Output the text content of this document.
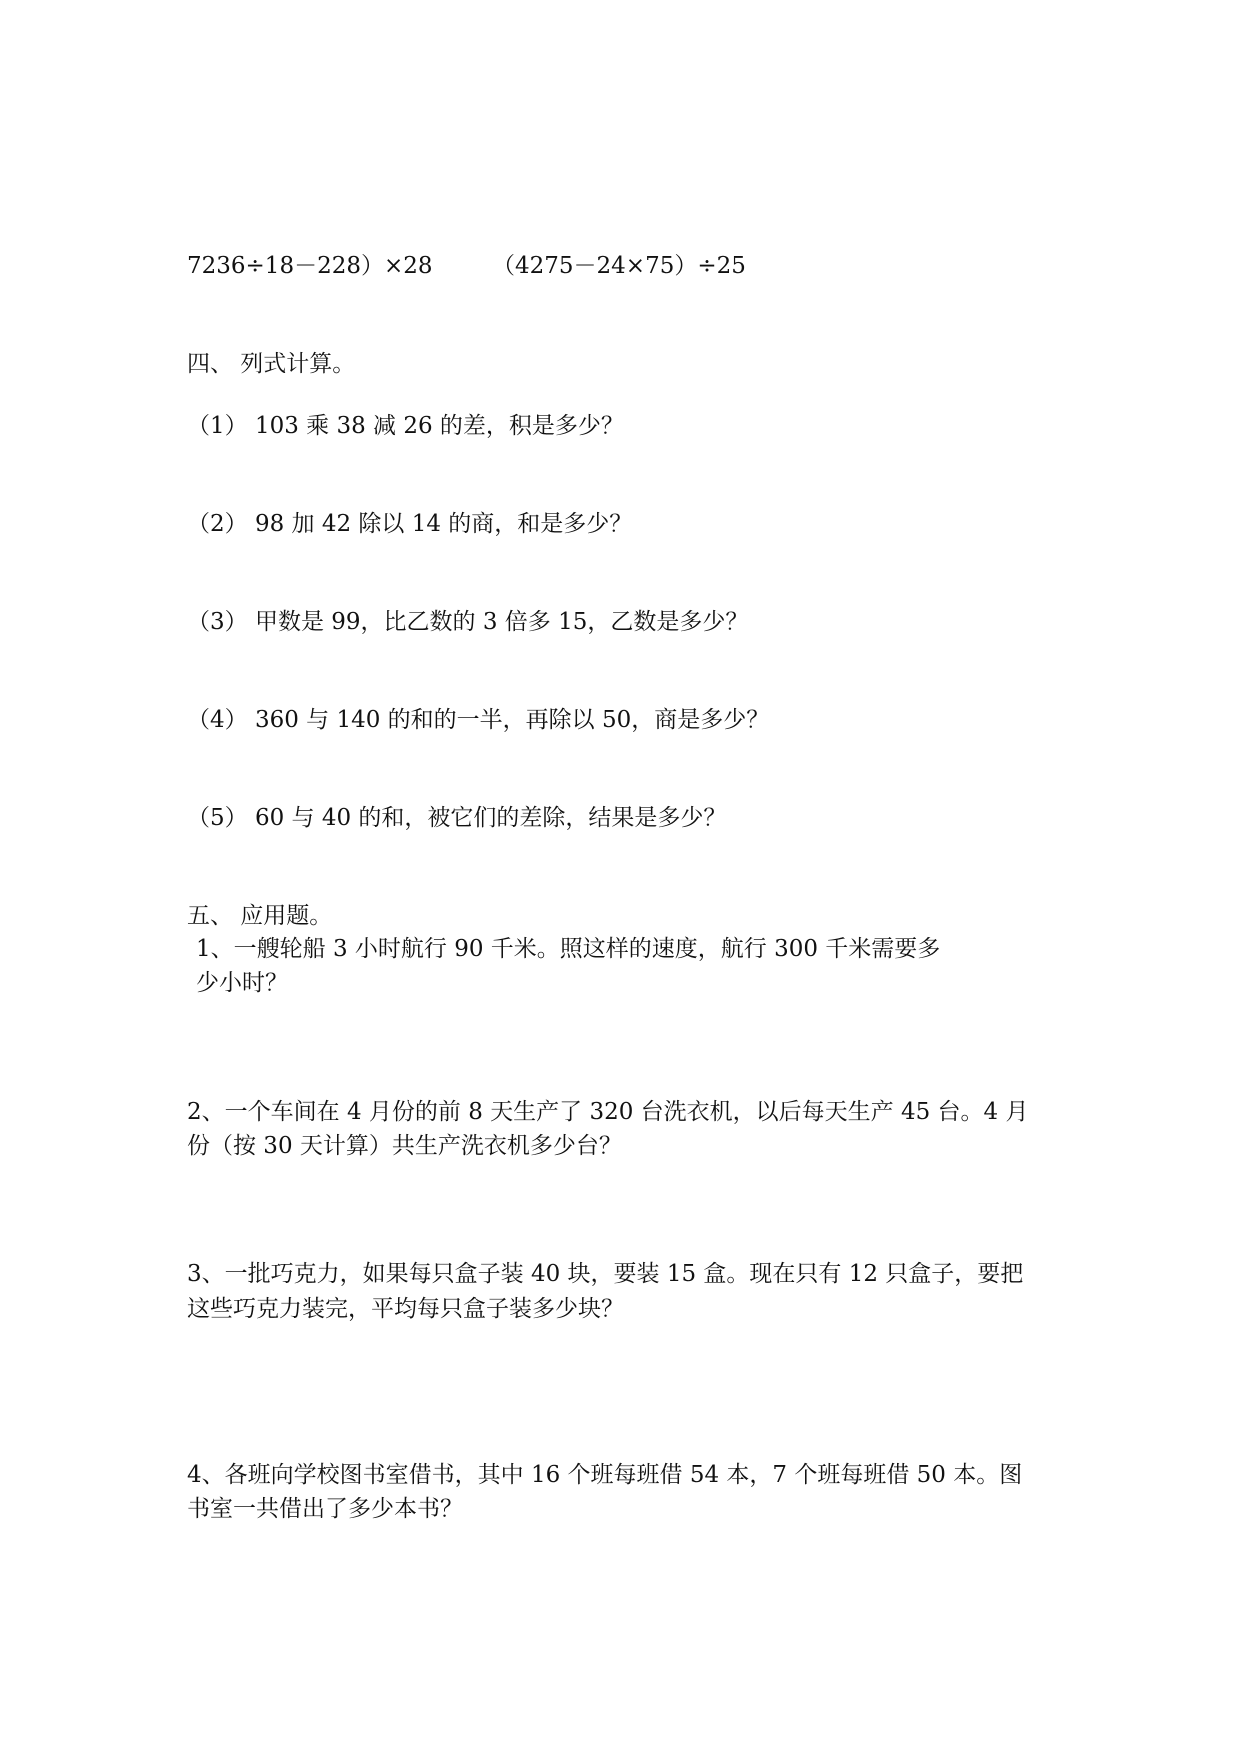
7236÷18－228）×28	（4275－24×75）÷25
四、 列式计算。
（1） 103 乘 38 减 26 的差，积是多少？
（2） 98 加 42 除以 14 的商，和是多少？
（3） 甲数是 99，比乙数的 3 倍多 15，乙数是多少？
（4） 360 与 140 的和的一半，再除以 50，商是多少？
（5） 60 与 40 的和，被它们的差除，结果是多少？
五、 应用题。
1、一艘轮船 3 小时航行 90 千米。照这样的速度，航行 300 千米需要多
少小时？
2、一个车间在 4 月份的前 8 天生产了 320 台洗衣机，以后每天生产 45 台。4 月
份（按 30 天计算）共生产洗衣机多少台？
3、一批巧克力，如果每只盒子装 40 块，要装 15 盒。现在只有 12 只盒子，要把
这些巧克力装完，平均每只盒子装多少块？
4、各班向学校图书室借书，其中 16 个班每班借 54 本，7 个班每班借 50 本。图
书室一共借出了多少本书？
